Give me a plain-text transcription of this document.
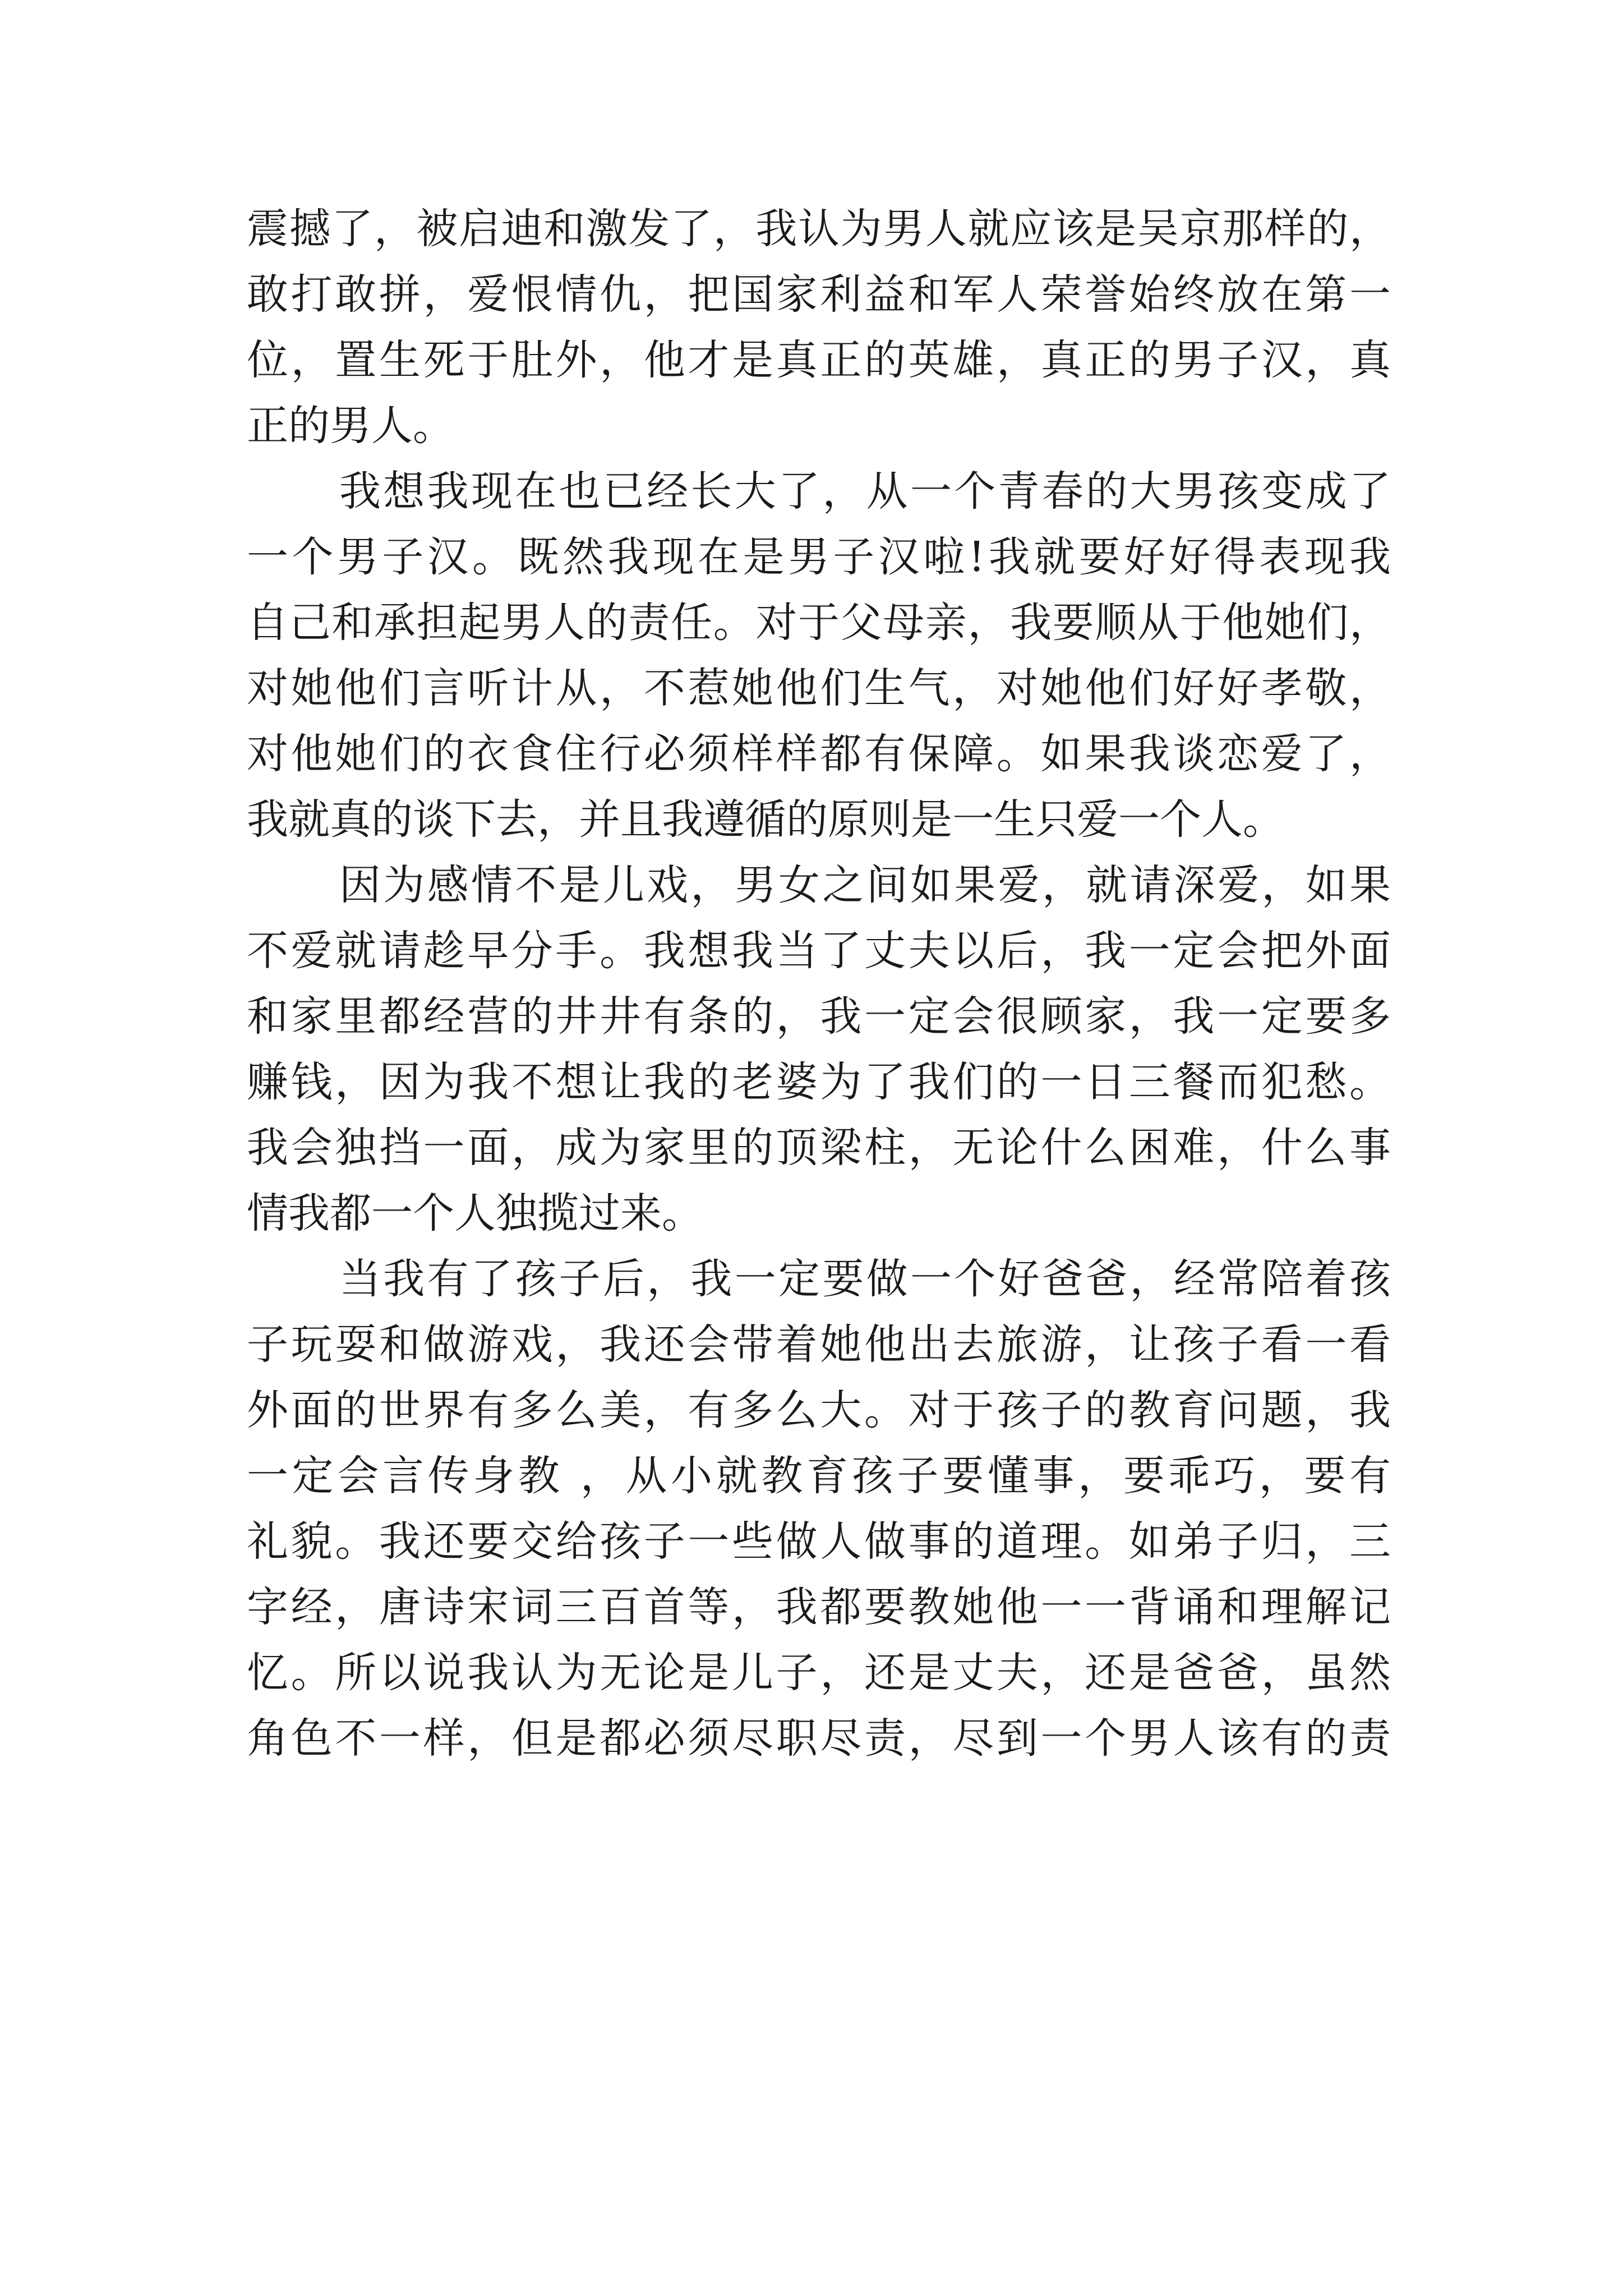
震撼了，被启迪和激发了，我认为男人就应该是吴京那样的，
敢打敢拼，爱恨情仇，把国家利益和军人荣誉始终放在第一
位，置生死于肚外，他才是真正的英雄，真正的男子汉，真
正的男人。
我想我现在也已经长大了，从一个青春的大男孩变成了
一个男子汉。既然我现在是男子汉啦!我就要好好得表现我
自己和承担起男人的责任。对于父母亲，我要顺从于他她们，
对她他们言听计从，不惹她他们生气，对她他们好好孝敬，
对他她们的衣食住行必须样样都有保障。如果我谈恋爱了，
我就真的谈下去，并且我遵循的原则是一生只爱一个人。
因为感情不是儿戏，男女之间如果爱，就请深爱，如果
不爱就请趁早分手。我想我当了丈夫以后，我一定会把外面
和家里都经营的井井有条的，我一定会很顾家，我一定要多
赚钱，因为我不想让我的老婆为了我们的一日三餐而犯愁。
我会独挡一面，成为家里的顶梁柱，无论什么困难，什么事
情我都一个人独揽过来。
当我有了孩子后，我一定要做一个好爸爸，经常陪着孩
子玩耍和做游戏，我还会带着她他出去旅游，让孩子看一看
外面的世界有多么美，有多么大。对于孩子的教育问题，我
一定会言传身教 ，从小就教育孩子要懂事，要乖巧，要有
礼貌。我还要交给孩子一些做人做事的道理。如弟子归，三
字经，唐诗宋词三百首等，我都要教她他一一背诵和理解记
忆。所以说我认为无论是儿子，还是丈夫，还是爸爸，虽然
角色不一样，但是都必须尽职尽责，尽到一个男人该有的责
